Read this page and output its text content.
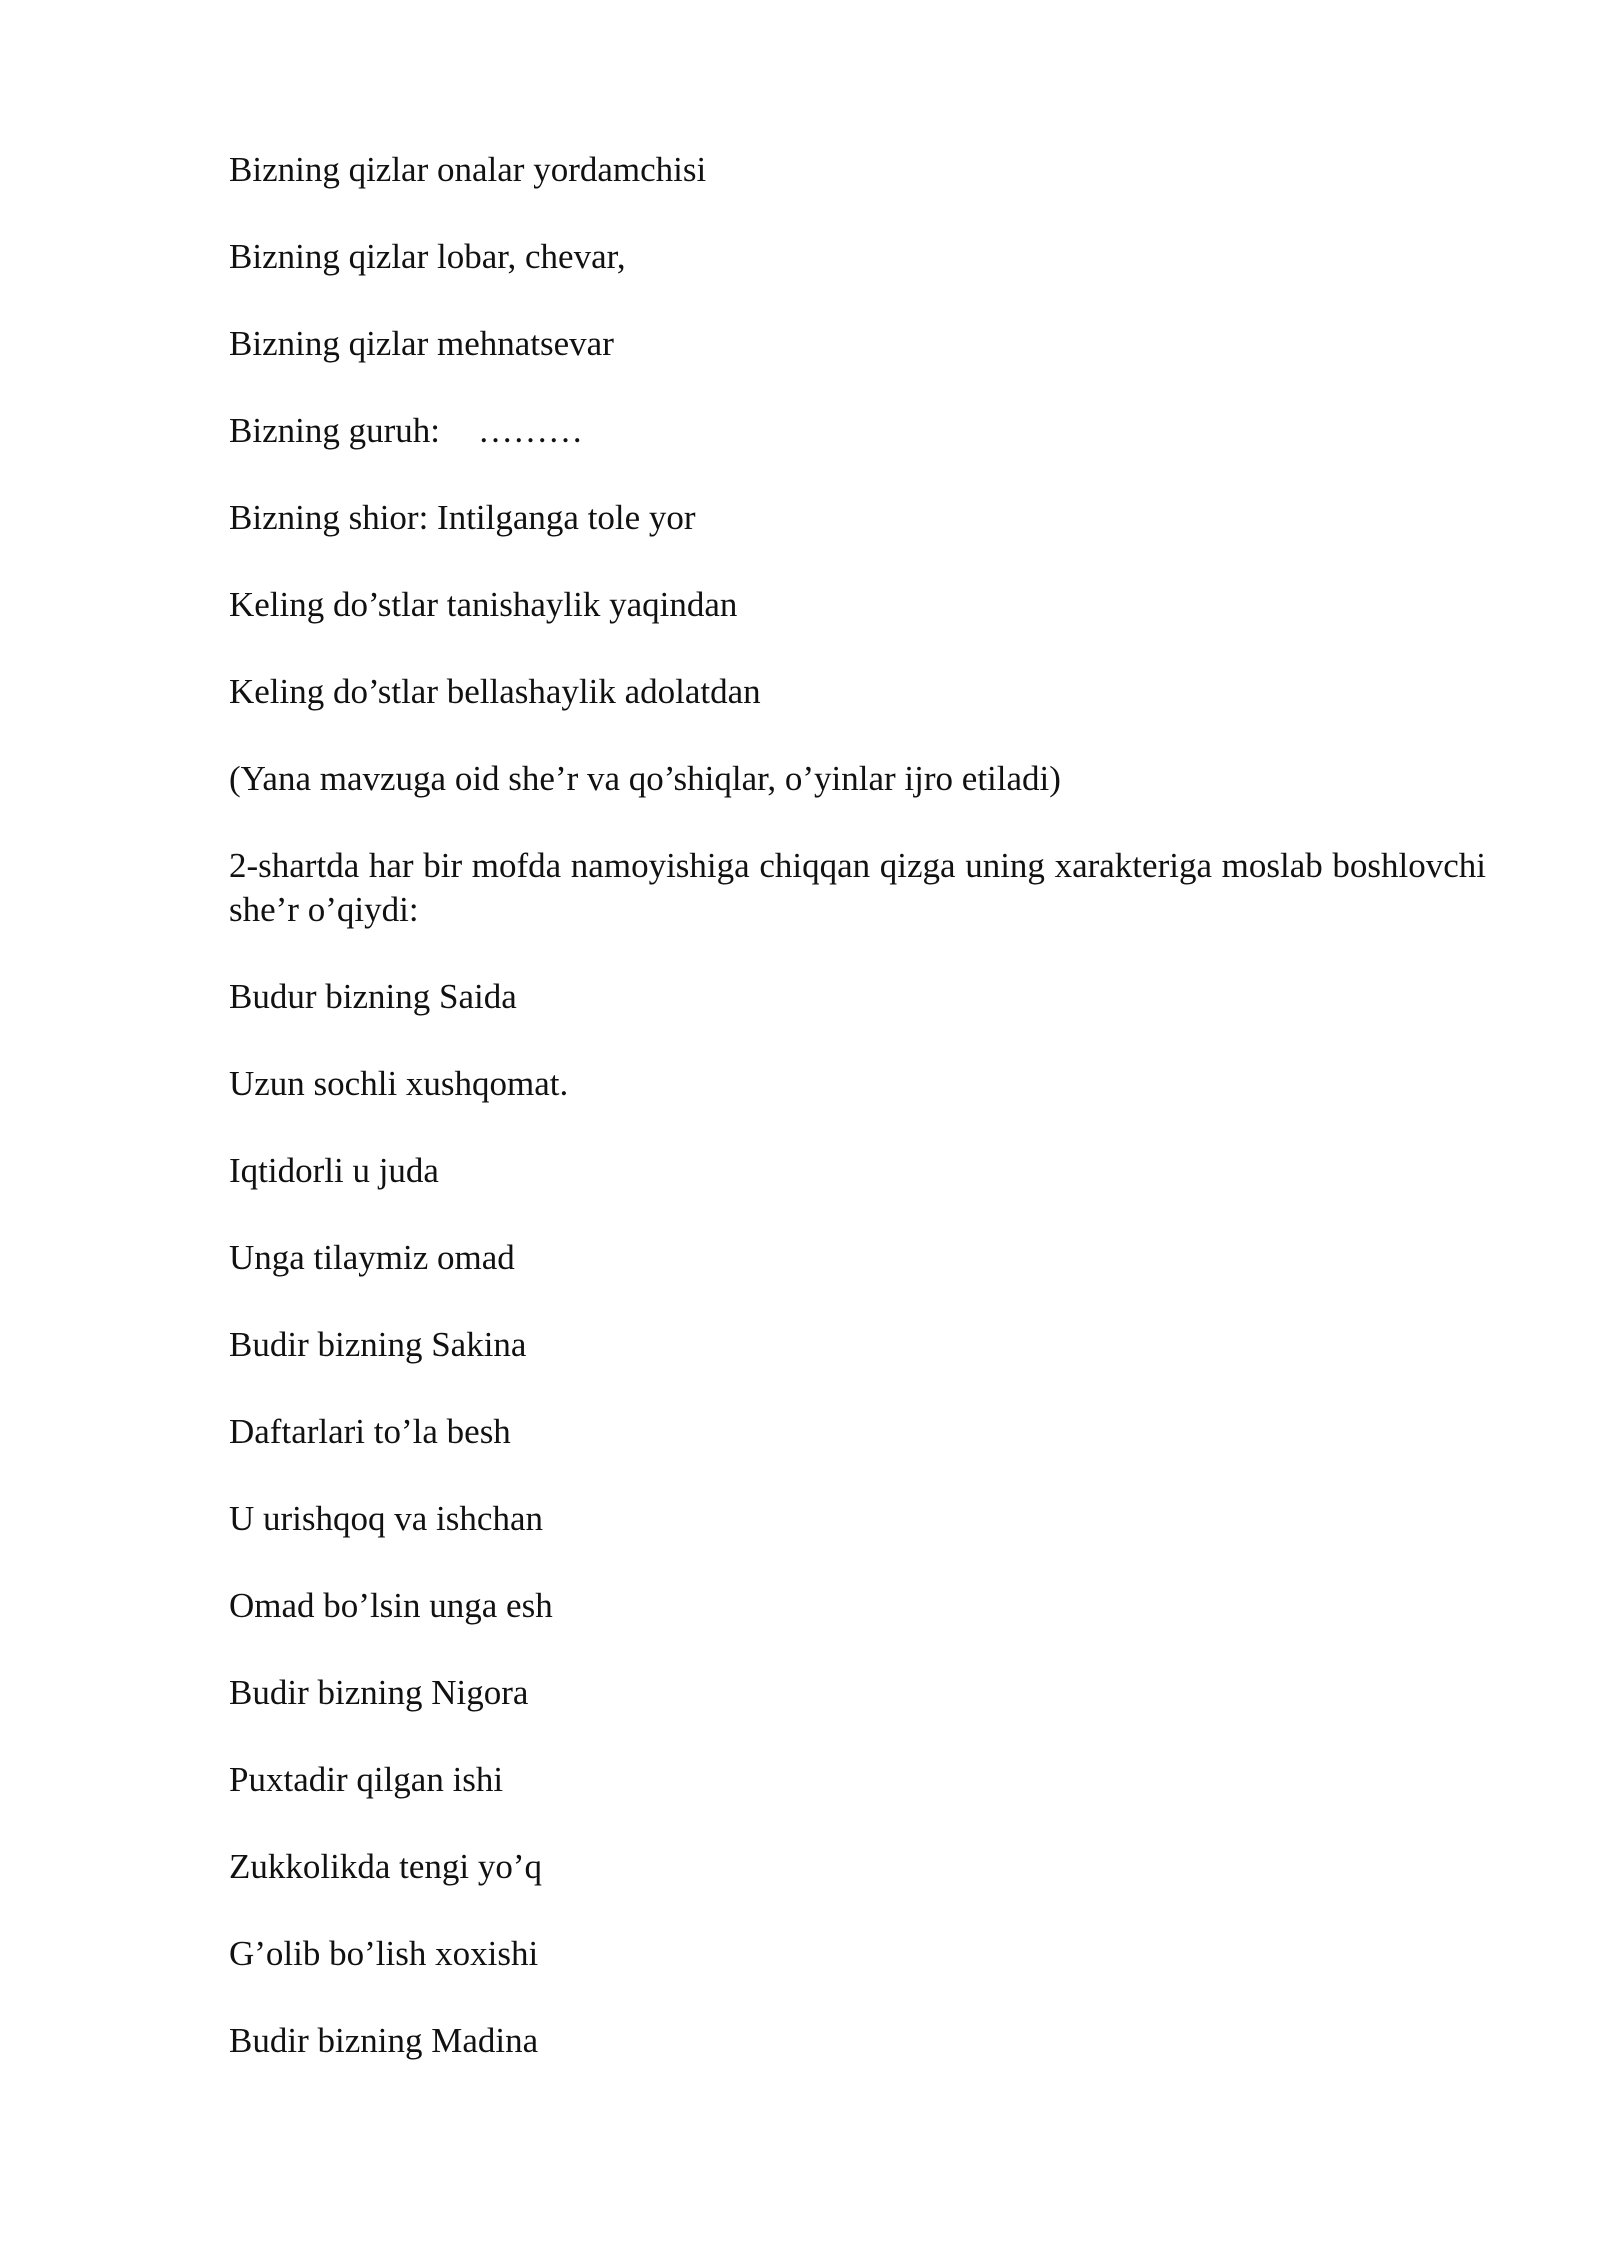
Bizning qizlar onalar yordamchisi

Bizning qizlar lobar, chevar,

Bizning qizlar mehnatsevar

Bizning guruh: ………

Bizning shior: Intilganga tole yor

Keling do’stlar tanishaylik yaqindan

Keling do’stlar bellashaylik adolatdan

(Yana mavzuga oid she’r va qo’shiqlar, o’yinlar ijro etiladi)

2-shartda har bir mofda namoyishiga chiqqan qizga uning xarakteriga moslab boshlovchi she’r o’qiydi:

Budur bizning Saida

Uzun sochli xushqomat.

Iqtidorli u juda

Unga tilaymiz omad

Budir bizning Sakina

Daftarlari to’la besh

U urishqoq va ishchan

Omad bo’lsin unga esh

Budir bizning Nigora

Puxtadir qilgan ishi

Zukkolikda tengi yo’q

G’olib bo’lish xoxishi

Budir bizning Madina
